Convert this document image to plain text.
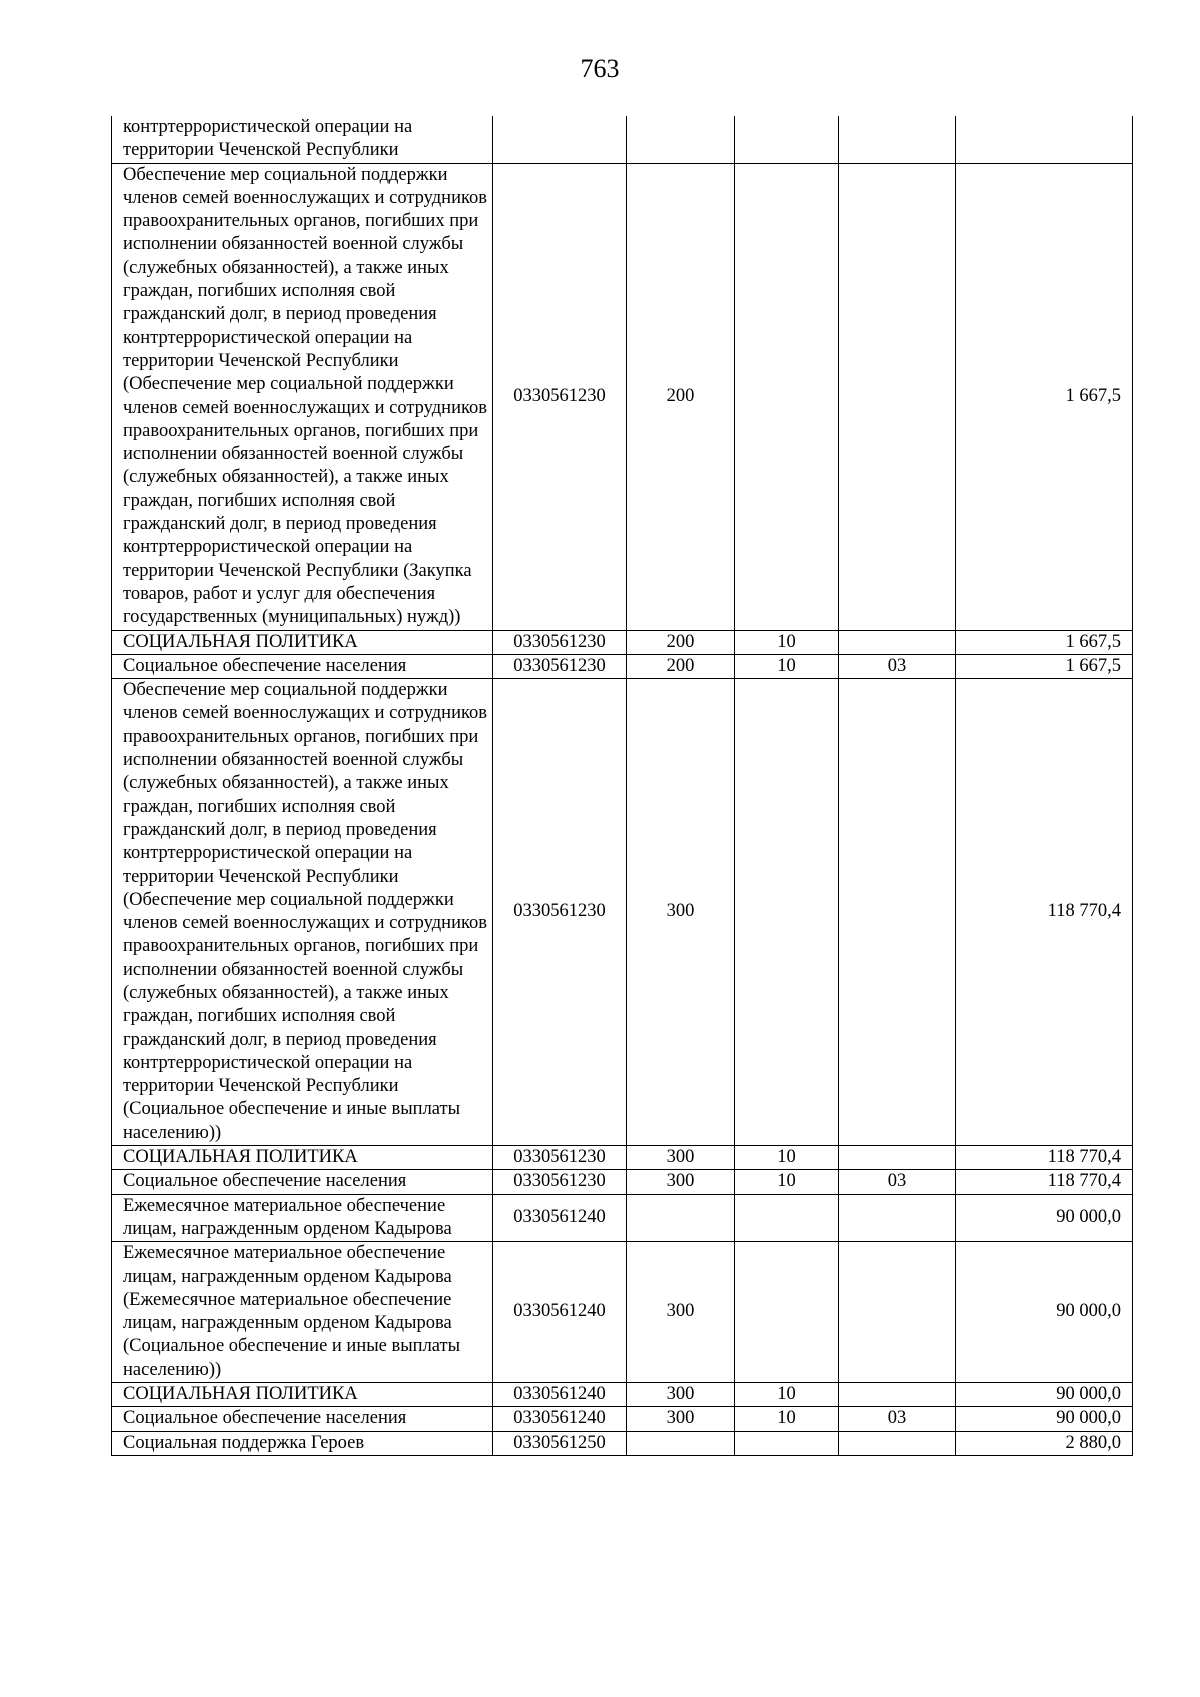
763
контртеррористической операции на территории Чеченской Республики					
Обеспечение мер социальной поддержки членов семей военнослужащих и сотрудников правоохранительных органов, погибших при исполнении обязанностей военной службы (служебных обязанностей), а также иных граждан, погибших исполняя свой гражданский долг, в период проведения контртеррористической операции на территории Чеченской Республики (Обеспечение мер социальной поддержки членов семей военнослужащих и сотрудников правоохранительных органов, погибших при исполнении обязанностей военной службы (служебных обязанностей), а также иных граждан, погибших исполняя свой гражданский долг, в период проведения контртеррористической операции на территории Чеченской Республики (Закупка товаров, работ и услуг для обеспечения государственных (муниципальных) нужд))	0330561230	200			1 667,5
СОЦИАЛЬНАЯ ПОЛИТИКА	0330561230	200	10		1 667,5
Социальное обеспечение населения	0330561230	200	10	03	1 667,5
Обеспечение мер социальной поддержки членов семей военнослужащих и сотрудников правоохранительных органов, погибших при исполнении обязанностей военной службы (служебных обязанностей), а также иных граждан, погибших исполняя свой гражданский долг, в период проведения контртеррористической операции на территории Чеченской Республики (Обеспечение мер социальной поддержки членов семей военнослужащих и сотрудников правоохранительных органов, погибших при исполнении обязанностей военной службы (служебных обязанностей), а также иных граждан, погибших исполняя свой гражданский долг, в период проведения контртеррористической операции на территории Чеченской Республики (Социальное обеспечение и иные выплаты населению))	0330561230	300			118 770,4
СОЦИАЛЬНАЯ ПОЛИТИКА	0330561230	300	10		118 770,4
Социальное обеспечение населения	0330561230	300	10	03	118 770,4
Ежемесячное материальное обеспечение лицам, награжденным орденом Кадырова	0330561240				90 000,0
Ежемесячное материальное обеспечение лицам, награжденным орденом Кадырова (Ежемесячное материальное обеспечение лицам, награжденным орденом Кадырова (Социальное обеспечение и иные выплаты населению))	0330561240	300			90 000,0
СОЦИАЛЬНАЯ ПОЛИТИКА	0330561240	300	10		90 000,0
Социальное обеспечение населения	0330561240	300	10	03	90 000,0
Социальная поддержка Героев	0330561250				2 880,0
